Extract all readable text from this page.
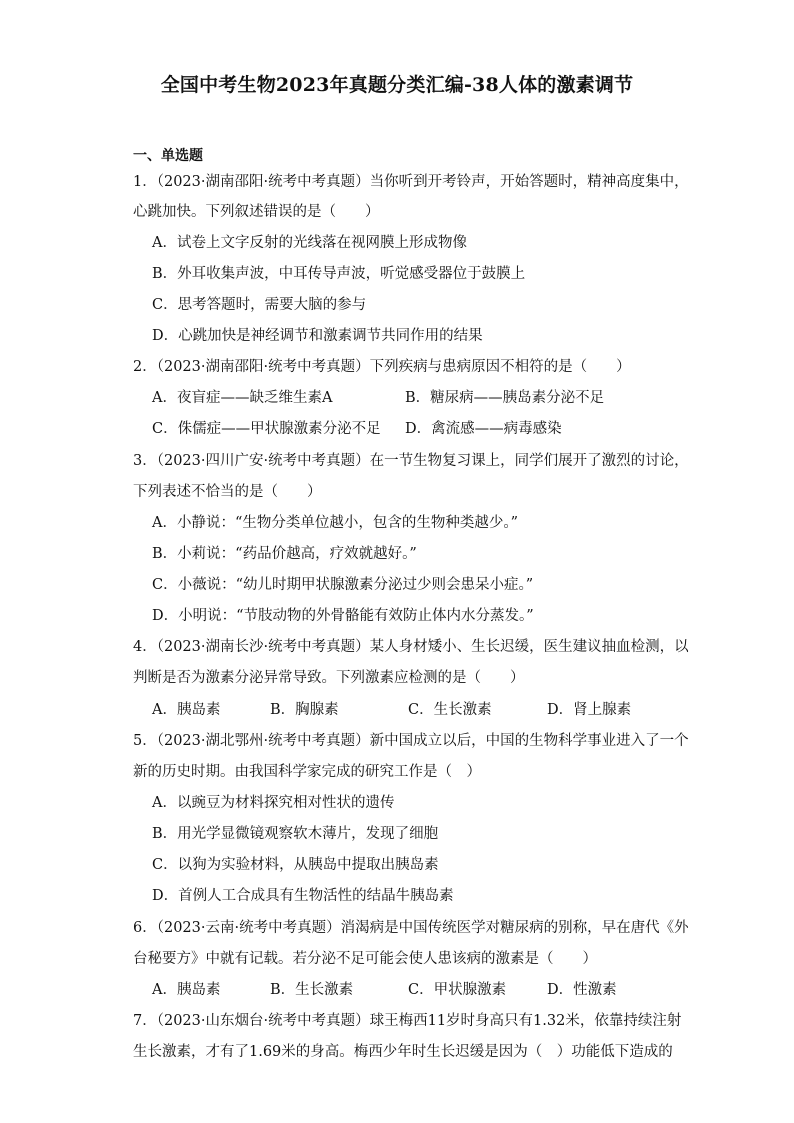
全国中考生物2023年真题分类汇编-38人体的激素调节
一、单选题
1．（2023·湖南邵阳·统考中考真题）当你听到开考铃声，开始答题时，精神高度集中，
心跳加快。下列叙述错误的是（　　）
A．试卷上文字反射的光线落在视网膜上形成物像
B．外耳收集声波，中耳传导声波，听觉感受器位于鼓膜上
C．思考答题时，需要大脑的参与
D．心跳加快是神经调节和激素调节共同作用的结果
2．（2023·湖南邵阳·统考中考真题）下列疾病与患病原因不相符的是（　　）
A．夜盲症——缺乏维生素A	B．糖尿病——胰岛素分泌不足
C．侏儒症——甲状腺激素分泌不足 D．禽流感——病毒感染
3．（2023·四川广安·统考中考真题）在一节生物复习课上，同学们展开了激烈的讨论，
下列表述不恰当的是（　　）
A．小静说：“生物分类单位越小，包含的生物种类越少。”
B．小莉说：“药品价越高，疗效就越好。”
C．小薇说：“幼儿时期甲状腺激素分泌过少则会患呆小症。”
D．小明说：“节肢动物的外骨骼能有效防止体内水分蒸发。”
4．（2023·湖南长沙·统考中考真题）某人身材矮小、生长迟缓，医生建议抽血检测，以
判断是否为激素分泌异常导致。下列激素应检测的是（　　）
A．胰岛素	B．胸腺素	C．生长激素	D．肾上腺素
5．（2023·湖北鄂州·统考中考真题）新中国成立以后，中国的生物科学事业进入了一个
新的历史时期。由我国科学家完成的研究工作是（　）
A．以豌豆为材料探究相对性状的遗传
B．用光学显微镜观察软木薄片，发现了细胞
C．以狗为实验材料，从胰岛中提取出胰岛素
D．首例人工合成具有生物活性的结晶牛胰岛素
6．（2023·云南·统考中考真题）消渴病是中国传统医学对糖尿病的别称，早在唐代《外
台秘要方》中就有记载。若分泌不足可能会使人患该病的激素是（　　）
A．胰岛素	B．生长激素	C．甲状腺激素	D．性激素
7．（2023·山东烟台·统考中考真题）球王梅西11岁时身高只有1.32米，依靠持续注射
生长激素，才有了1.69米的身高。梅西少年时生长迟缓是因为（　）功能低下造成的
